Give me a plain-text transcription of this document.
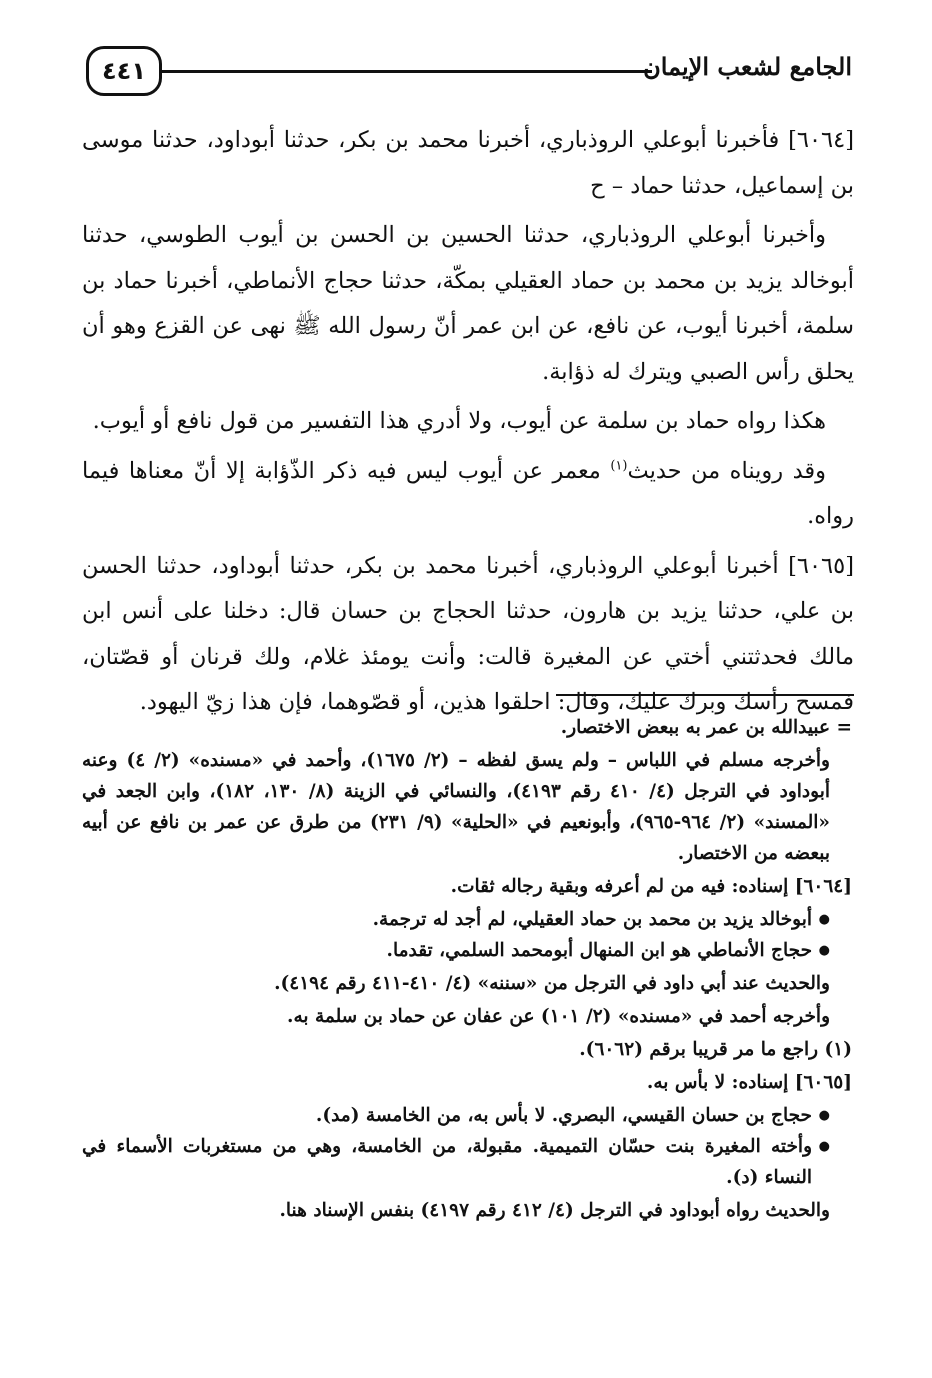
٤٤١	الجامع لشعب الإيمان

[٦٠٦٤] فأخبرنا أبوعلي الروذباري، أخبرنا محمد بن بكر، حدثنا أبوداود، حدثنا موسى بن إسماعيل، حدثنا حماد – ح

وأخبرنا أبوعلي الروذباري، حدثنا الحسين بن الحسن بن أيوب الطوسي، حدثنا أبوخالد يزيد بن محمد بن حماد العقيلي بمكّة، حدثنا حجاج الأنماطي، أخبرنا حماد بن سلمة، أخبرنا أيوب، عن نافع، عن ابن عمر أنّ رسول الله ﷺ نهى عن القزع وهو أن يحلق رأس الصبي ويترك له ذؤابة.

هكذا رواه حماد بن سلمة عن أيوب، ولا أدري هذا التفسير من قول نافع أو أيوب.

وقد رويناه من حديث$^{(١)}$ معمر عن أيوب ليس فيه ذكر الذّؤابة إلا أنّ معناها فيما رواه.

[٦٠٦٥] أخبرنا أبوعلي الروذباري، أخبرنا محمد بن بكر، حدثنا أبوداود، حدثنا الحسن بن علي، حدثنا يزيد بن هارون، حدثنا الحجاج بن حسان قال: دخلنا على أنس ابن مالك فحدثتني أختي عن المغيرة قالت: وأنت يومئذ غلام، ولك قرنان أو قصّتان، فمسح رأسك وبرك عليك، وقال: احلقوا هذين، أو قصّوهما، فإن هذا زيّ اليهود.

= عبيدالله بن عمر به ببعض الاختصار.

وأخرجه مسلم في اللباس – ولم يسق لفظه – (٢/ ١٦٧٥)، وأحمد في «مسنده» (٢/ ٤) وعنه أبوداود في الترجل (٤/ ٤١٠ رقم ٤١٩٣)، والنسائي في الزينة (٨/ ١٣٠، ١٨٢)، وابن الجعد في «المسند» (٢/ ٩٦٤-٩٦٥)، وأبونعيم في «الحلية» (٩/ ٢٣١) من طرق عن عمر بن نافع عن أبيه ببعضه من الاختصار.

[٦٠٦٤] إسناده: فيه من لم أعرفه وبقية رجاله ثقات.

● أبوخالد يزيد بن محمد بن حماد العقيلي، لم أجد له ترجمة.
● حجاج الأنماطي هو ابن المنهال أبومحمد السلمي، تقدما.

والحديث عند أبي داود في الترجل من «سننه» (٤/ ٤١٠-٤١١ رقم ٤١٩٤).

وأخرجه أحمد في «مسنده» (٢/ ١٠١) عن عفان عن حماد بن سلمة به.

(١) راجع ما مر قريبا برقم (٦٠٦٢).

[٦٠٦٥] إسناده: لا بأس به.

● حجاج بن حسان القيسي، البصري. لا بأس به، من الخامسة (مد).
● وأخته المغيرة بنت حسّان التميمية. مقبولة، من الخامسة، وهي من مستغربات الأسماء في النساء (د).

والحديث رواه أبوداود في الترجل (٤/ ٤١٢ رقم ٤١٩٧) بنفس الإسناد هنا.
